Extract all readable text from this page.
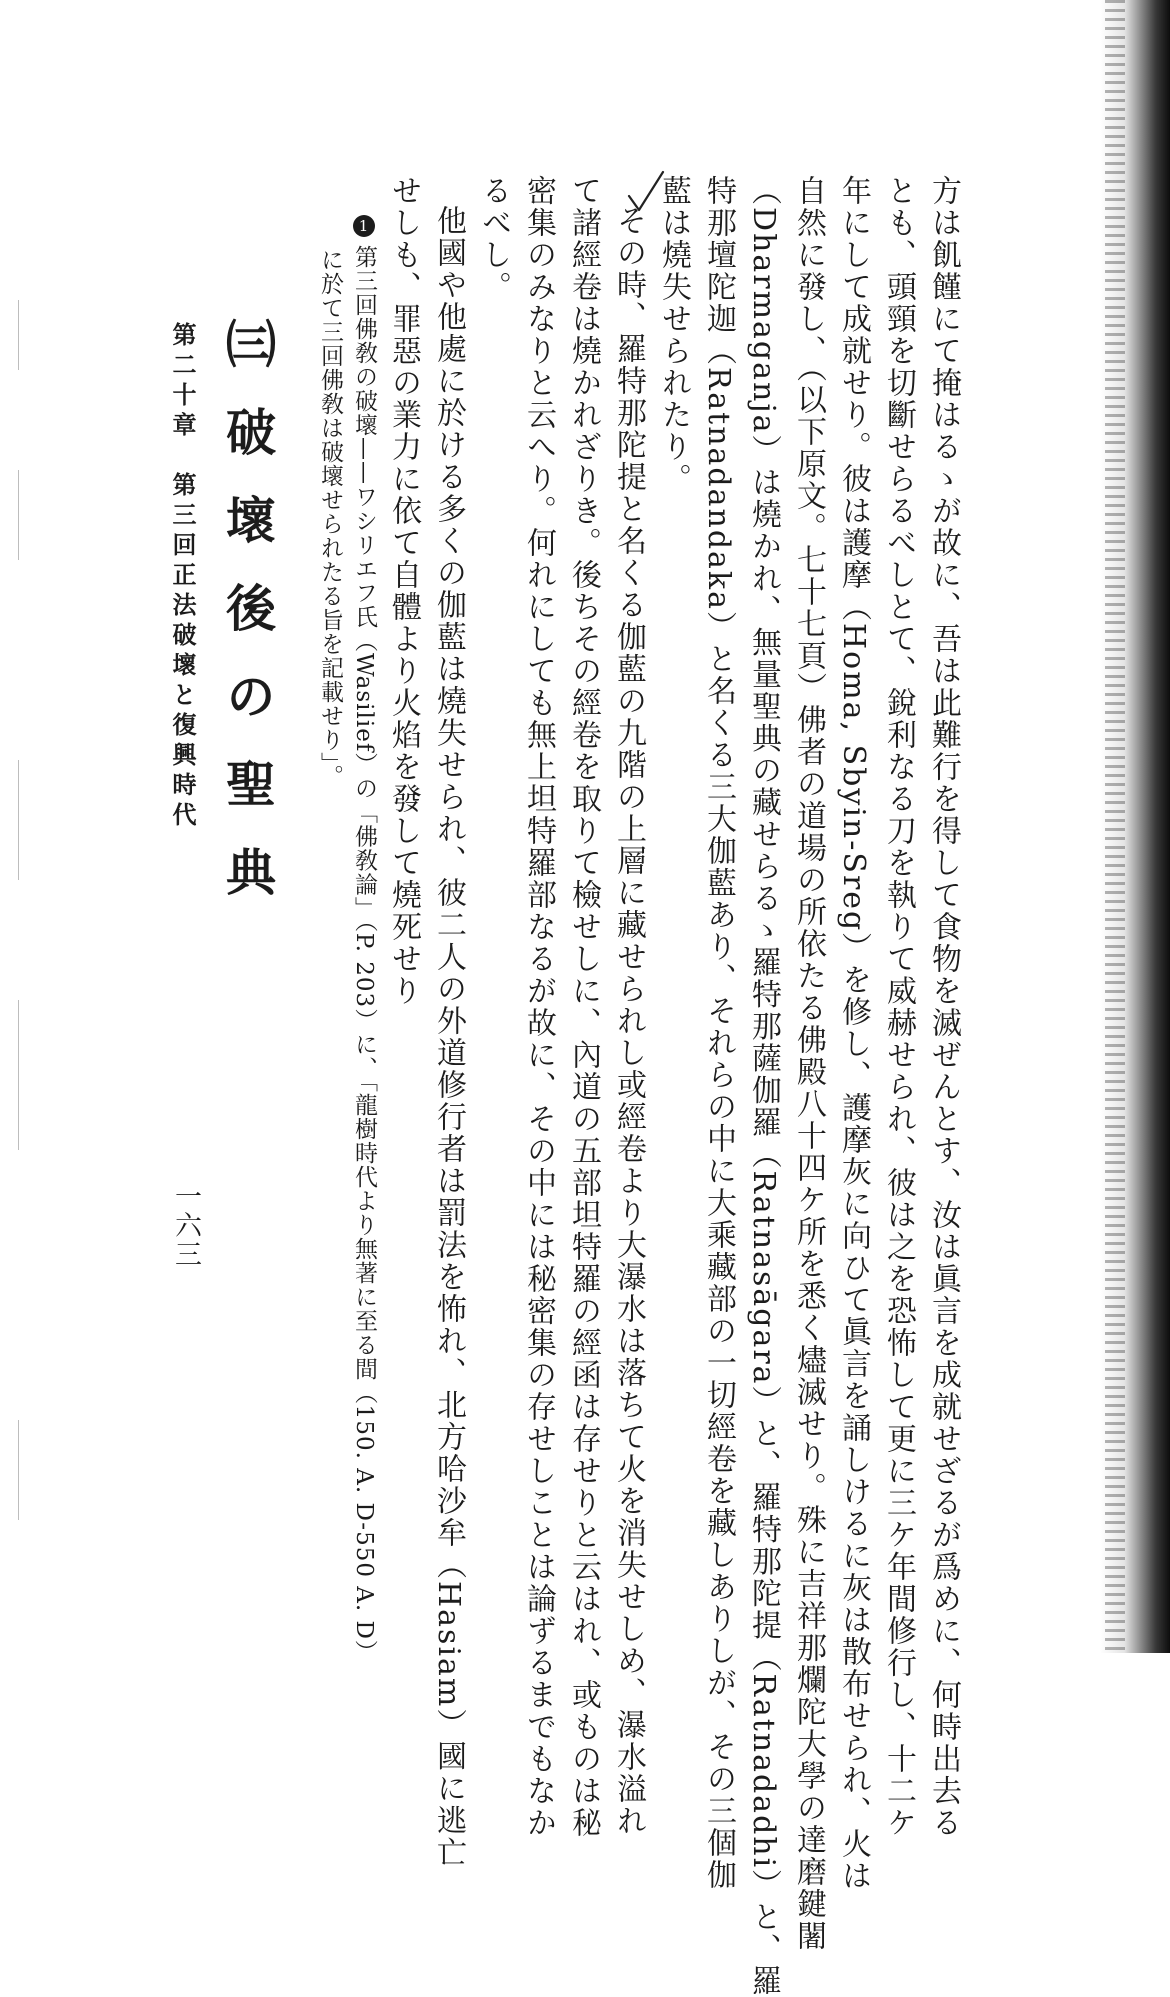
方は飢饉にて掩はるゝが故に、吾は此難行を得して食物を滅ぜんとす、汝は眞言を成就せざるが爲めに、何時出去る
とも、頭頸を切斷せらるべしとて、銳利なる刀を執りて威赫せられ、彼は之を恐怖して更に三ケ年間修行し、十二ケ
年にして成就せり。彼は護摩（Homa, Sbyin-Sreg）を修し、護摩灰に向ひて眞言を誦しけるに灰は散布せられ、火は
自然に發し、（以下原文。七十七頁）佛者の道場の所依たる佛殿八十四ケ所を悉く燼滅せり。殊に吉祥那爛陀大學の達磨鍵闍
（Dharmaganja）は燒かれ、無量聖典の藏せらるゝ羅特那薩伽羅（Ratnasāgara）と、羅特那陀提（Ratnadadhi）と、羅
特那壇陀迦（Ratnadandaka）と名くる三大伽藍あり、それらの中に大乘藏部の一切經卷を藏しありしが、その三個伽
藍は燒失せられたり。
その時、羅特那陀提と名くる伽藍の九階の上層に藏せられし或經卷より大瀑水は落ちて火を消失せしめ、瀑水溢れ
て諸經卷は燒かれざりき。後ちその經卷を取りて檢せしに、內道の五部坦特羅の經函は存せりと云はれ、或ものは秘
密集のみなりと云へり。何れにしても無上坦特羅部なるが故に、その中には秘密集の存せしことは論ずるまでもなか
るべし。
他國や他處に於ける多くの伽藍は燒失せられ、彼二人の外道修行者は罰法を怖れ、北方哈沙牟（Hasiam）國に逃亡
せしも、罪惡の業力に依て自體より火焰を發して燒死せり
1第三回佛敎の破壞——ワシリエフ氏（Wasilief）の「佛敎論」（P. 203）に、「龍樹時代より無著に至る間（150. A. D-550 A. D）
に於て三回佛敎は破壞せられたる旨を記載せり」。
㈢破壞後の聖典
第二十章　第三回正法破壞と復興時代
一六三
